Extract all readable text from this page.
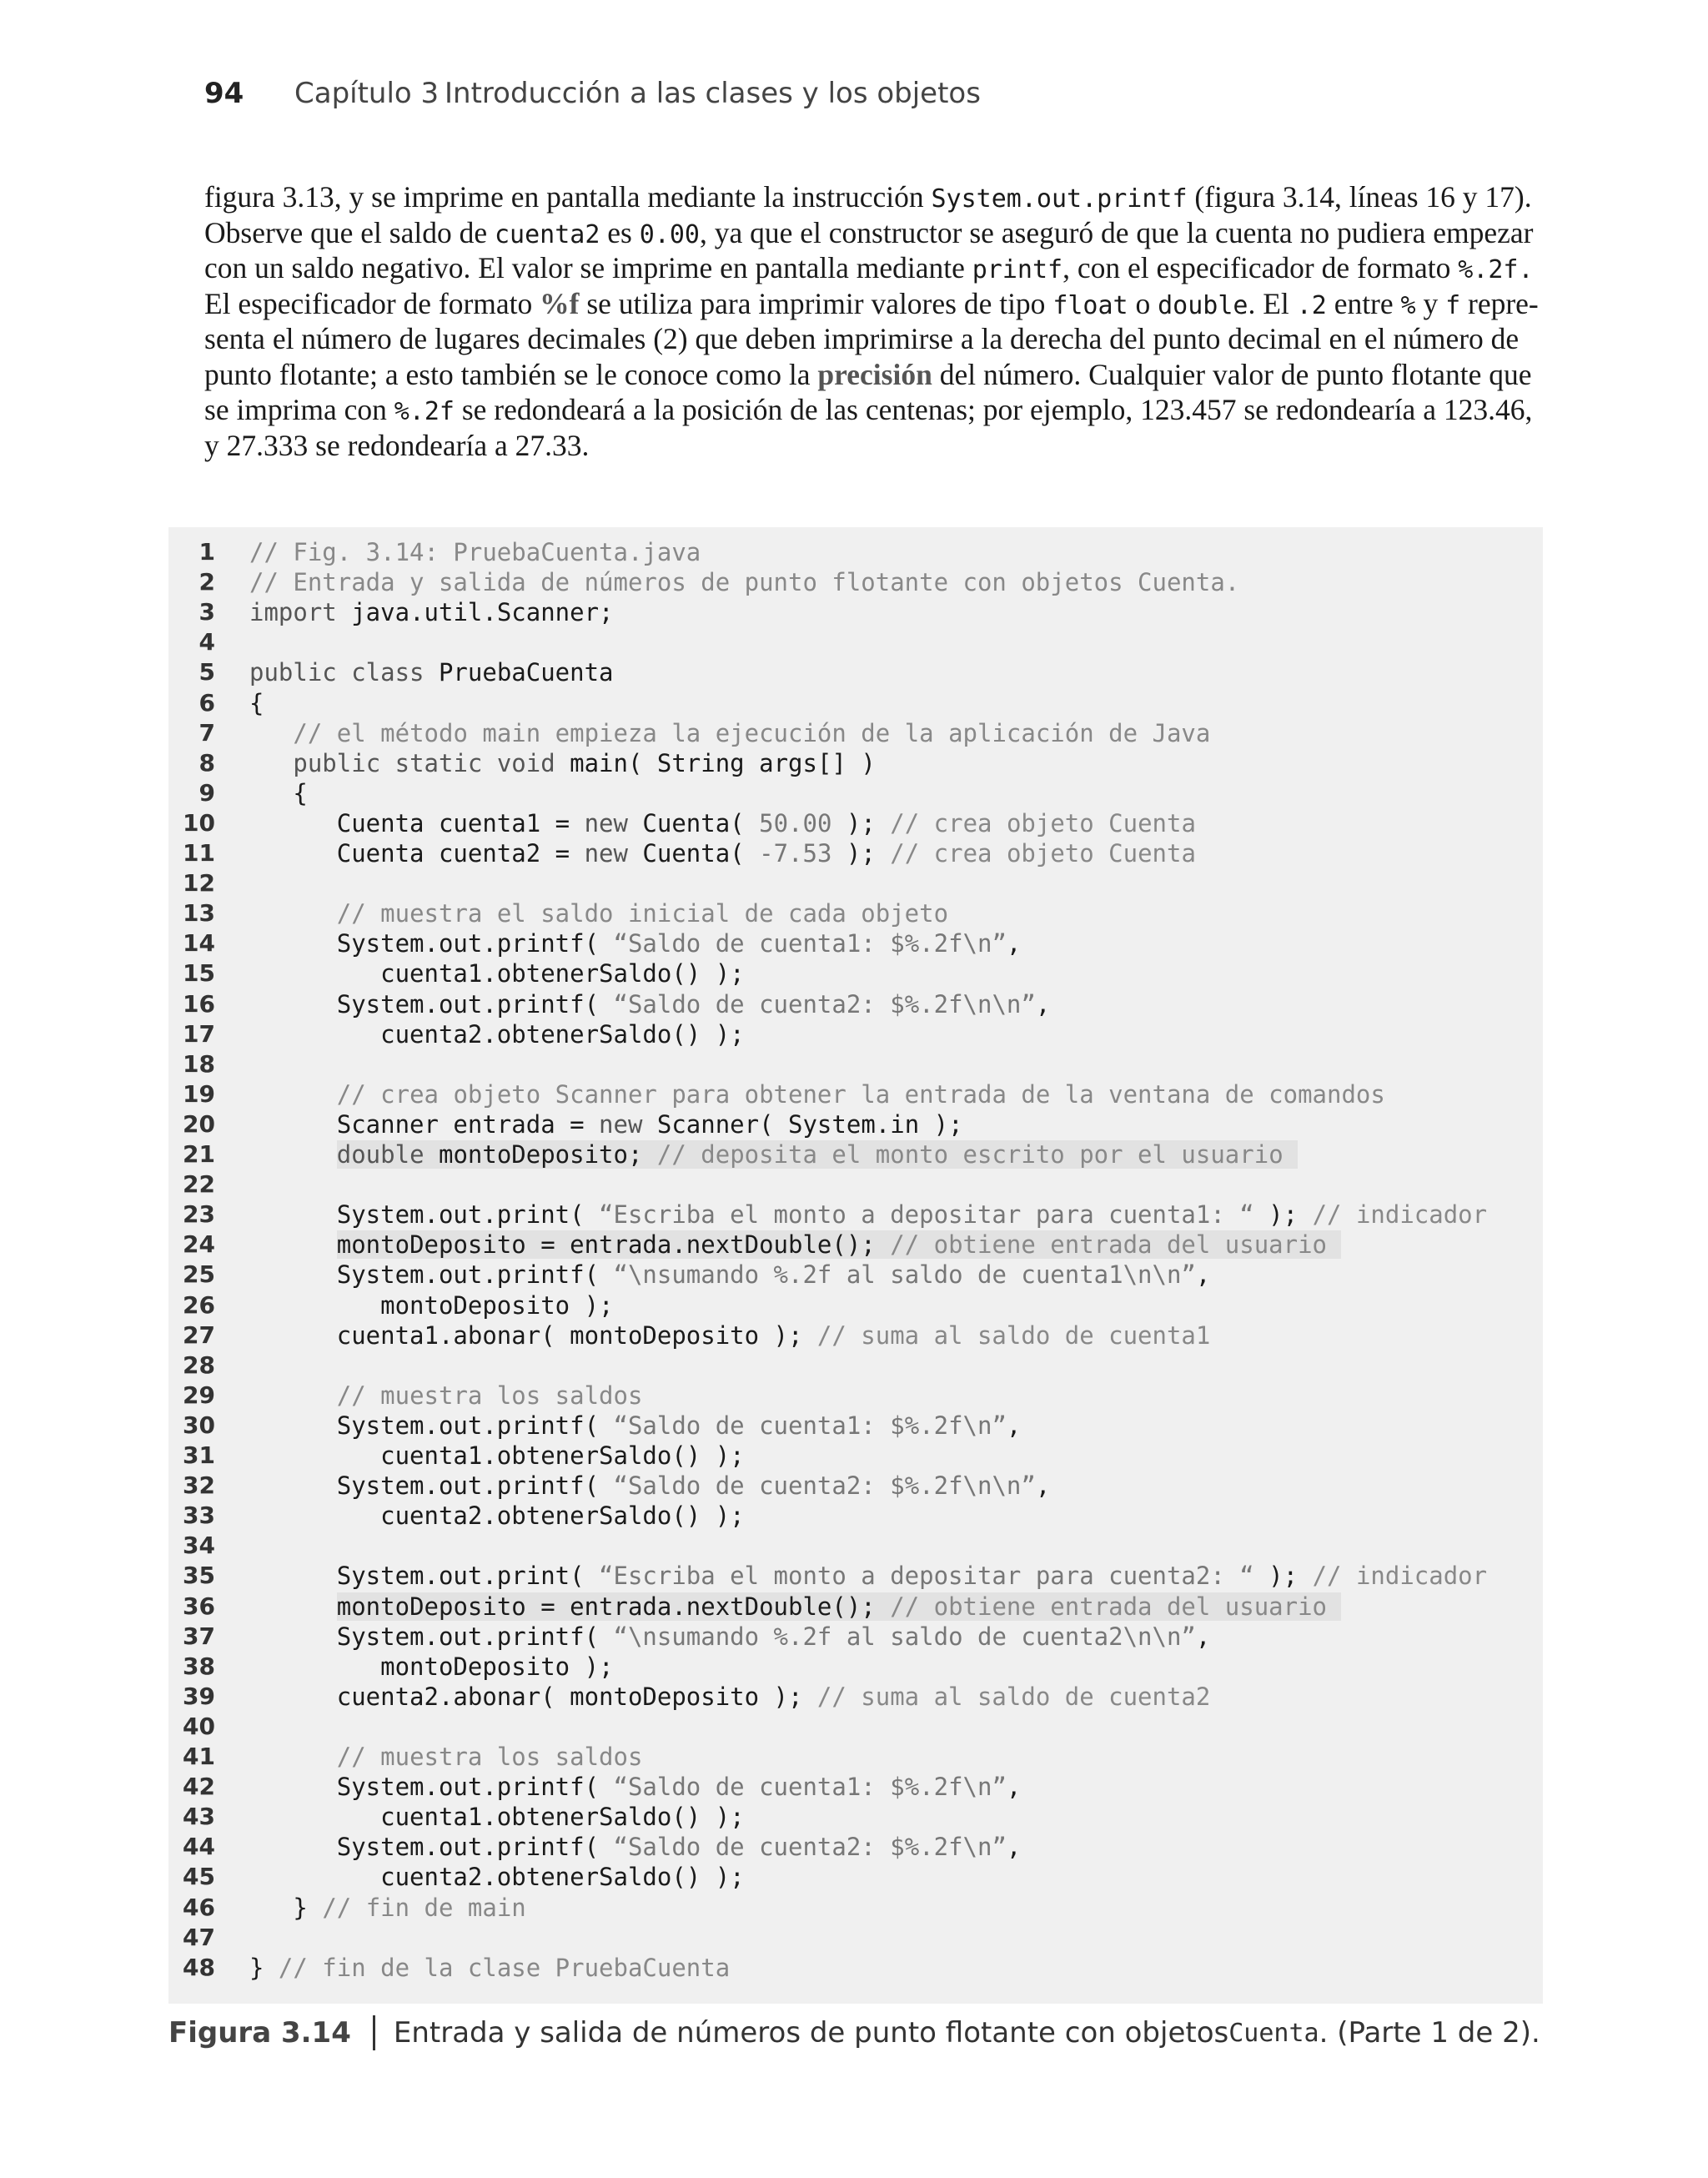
94	Capítulo 3 Introducción a las clases y los objetos
figura 3.13, y se imprime en pantalla mediante la instrucción System.out.printf (figura 3.14, líneas 16 y 17).
Observe que el saldo de cuenta2 es 0.00, ya que el constructor se aseguró de que la cuenta no pudiera empezar
con un saldo negativo. El valor se imprime en pantalla mediante printf, con el especificador de formato %.2f.
El especificador de formato %f se utiliza para imprimir valores de tipo float o double. El .2 entre % y f repre-
senta el número de lugares decimales (2) que deben imprimirse a la derecha del punto decimal en el número de
punto flotante; a esto también se le conoce como la precisión del número. Cualquier valor de punto flotante que
se imprima con %.2f se redondeará a la posición de las centenas; por ejemplo, 123.457 se redondearía a 123.46,
y 27.333 se redondearía a 27.33.
1 // Fig. 3.14: PruebaCuenta.java
2 // Entrada y salida de números de punto flotante con objetos Cuenta.
3 import java.util.Scanner;
4
5 public class PruebaCuenta
6 {
7	// el método main empieza la ejecución de la aplicación de Java
8	public static void main( String args[] )
9 {
10 Cuenta cuenta1 = new Cuenta( 50.00 ); // crea objeto Cuenta
11 Cuenta cuenta2 = new Cuenta( -7.53 ); // crea objeto Cuenta
12
13	// muestra el saldo inicial de cada objeto
14 System.out.printf( “Saldo de cuenta1: $%.2f\n”,
15 cuenta1.obtenerSaldo() );
16 System.out.printf( “Saldo de cuenta2: $%.2f\n\n”,
17 cuenta2.obtenerSaldo() );
18
19	// crea objeto Scanner para obtener la entrada de la ventana de comandos
20 Scanner entrada = new Scanner( System.in );
21	double montoDeposito; // deposita el monto escrito por el usuario
22
23 System.out.print( “Escriba el monto a depositar para cuenta1: “ ); // indicador
24	montoDeposito = entrada.nextDouble(); // obtiene entrada del usuario
25 System.out.printf( “\nsumando %.2f al saldo de cuenta1\n\n”,
26 montoDeposito );
27 cuenta1.abonar( montoDeposito ); // suma al saldo de cuenta1
28
29	// muestra los saldos
30 System.out.printf( “Saldo de cuenta1: $%.2f\n”,
31 cuenta1.obtenerSaldo() );
32 System.out.printf( “Saldo de cuenta2: $%.2f\n\n”,
33 cuenta2.obtenerSaldo() );
34
35 System.out.print( “Escriba el monto a depositar para cuenta2: “ ); // indicador
36	montoDeposito = entrada.nextDouble(); // obtiene entrada del usuario
37 System.out.printf( “\nsumando %.2f al saldo de cuenta2\n\n”,
38 montoDeposito );
39 cuenta2.abonar( montoDeposito ); // suma al saldo de cuenta2
40
41	// muestra los saldos
42 System.out.printf( “Saldo de cuenta1: $%.2f\n”,
43 cuenta1.obtenerSaldo() );
44 System.out.printf( “Saldo de cuenta2: $%.2f\n”,
45 cuenta2.obtenerSaldo() );
46 } // fin de main
47
48 } // fin de la clase PruebaCuenta
Figura 3.14 Entrada y salida de números de punto flotante con objetos Cuenta . (Parte 1 de 2).
